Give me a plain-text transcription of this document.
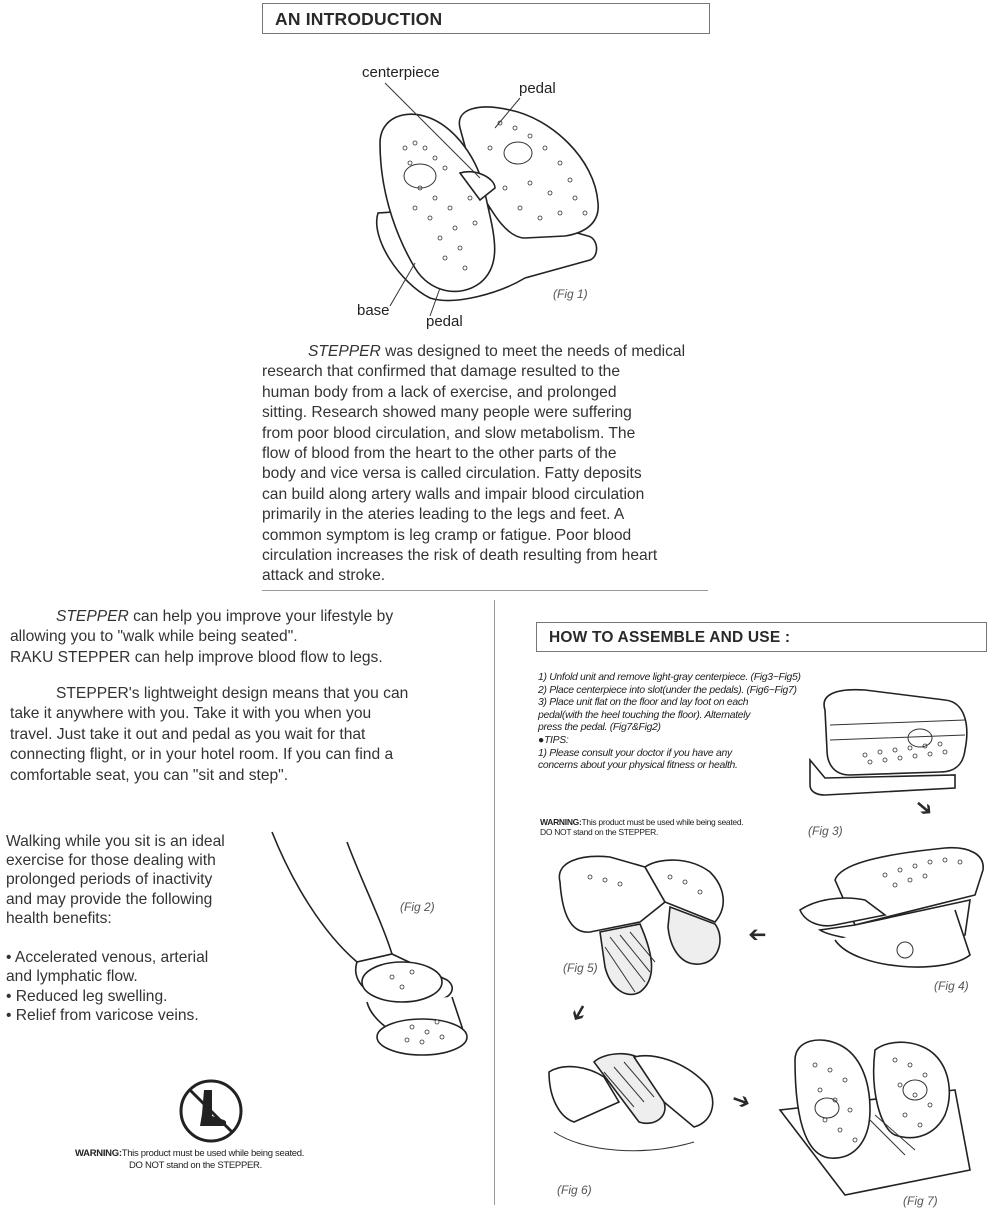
AN INTRODUCTION
centerpiece
pedal
base
pedal
(Fig 1)
STEPPER was designed to meet the needs of medical
research that confirmed that damage resulted to the
human body from a lack of exercise, and prolonged
sitting. Research showed many people were suffering
from poor blood circulation, and slow metabolism. The
flow of blood from the heart to the other parts of the
body and vice versa is called circulation. Fatty deposits
can build along artery walls and impair blood circulation
primarily in the ateries leading to the legs and feet. A
common symptom is leg cramp or fatigue. Poor blood
circulation increases the risk of death resulting from heart
attack and stroke.
STEPPER can help you improve your lifestyle by
allowing you to "walk while being seated".
RAKU STEPPER can help improve blood flow to legs.
STEPPER's lightweight design means that you can
take it anywhere with you. Take it with you when you
travel. Just take it out and pedal as you wait for that
connecting flight, or in your hotel room. If you can find a
comfortable seat, you can "sit and step".
Walking while you sit is an ideal
exercise for those dealing with
prolonged periods of inactivity
and may provide the following
health benefits:
• Accelerated venous, arterial
and lymphatic flow.
• Reduced leg swelling.
• Relief from varicose veins.
(Fig 2)
WARNING:This product must be used while being seated.
DO NOT stand on the STEPPER.
HOW TO ASSEMBLE AND USE :
1) Unfold unit and remove light-gray centerpiece. (Fig3~Fig5)
2) Place centerpiece into slot(under the pedals). (Fig6~Fig7)
3) Place unit flat on the floor and lay foot on each
pedal(with the heel touching the floor). Alternately
press the pedal. (Fig7&Fig2)
●TIPS:
1) Please consult your doctor if you have any
concerns about your physical fitness or health.
WARNING:This product must be used while being seated.
DO NOT stand on the STEPPER.	(Fig 3)
➔
(Fig 4)
➔
(Fig 5)
➔
(Fig 6)
➔
(Fig 7)
